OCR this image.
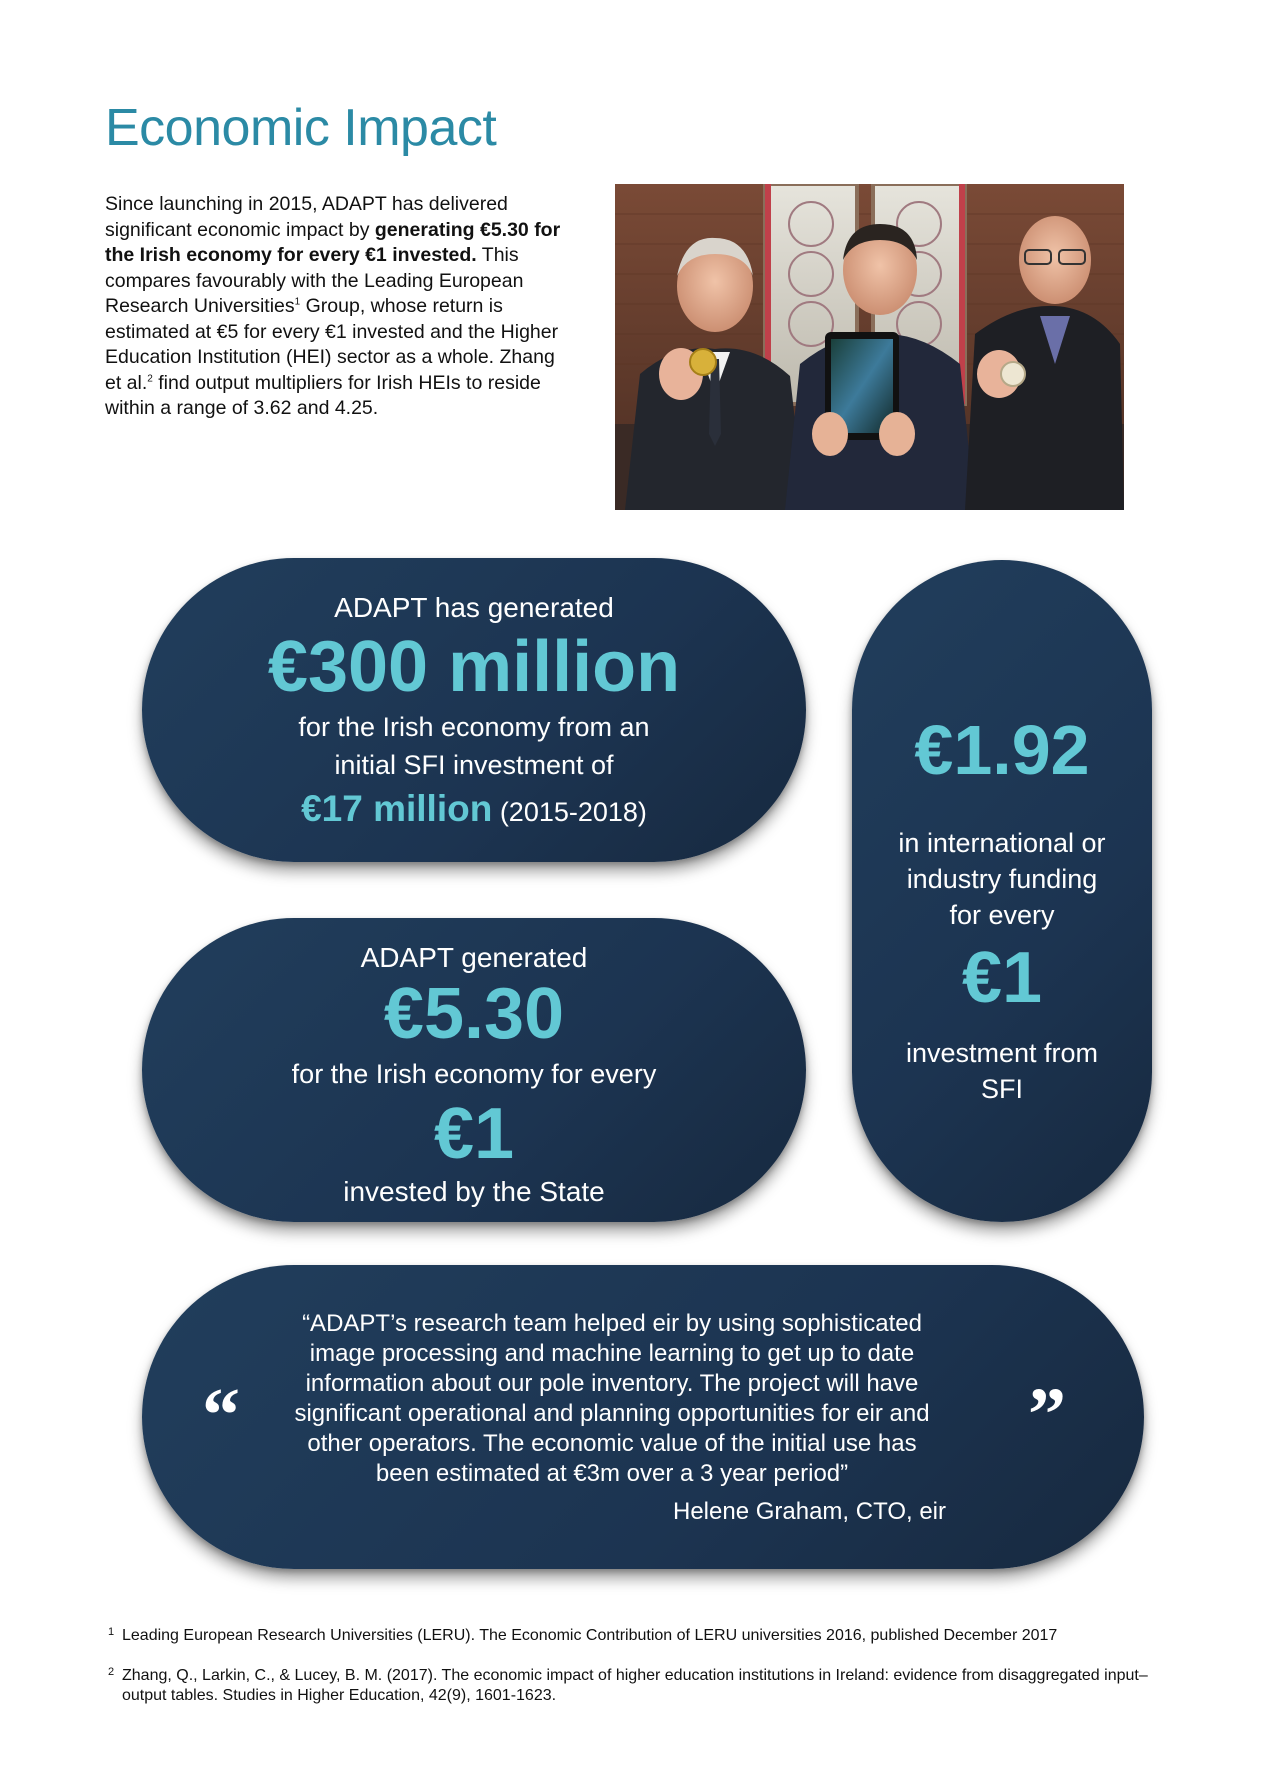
Economic Impact

Since launching in 2015, ADAPT has delivered significant economic impact by generating €5.30 for the Irish economy for every €1 invested. This compares favourably with the Leading European Research Universities$^1$ Group, whose return is estimated at €5 for every €1 invested and the Higher Education Institution (HEI) sector as a whole. Zhang et al.$^2$ find output multipliers for Irish HEIs to reside within a range of 3.62 and 4.25.

ADAPT has generated
€300 million
for the Irish economy from an
initial SFI investment of
€17 million (2015-2018)
ADAPT generated
€5.30
for the Irish economy for every
€1
invested by the State
€1.92
in international or
industry funding
for every
€1
investment from
SFI
“	”
“ADAPT’s research team helped eir by using sophisticated
image processing and machine learning to get up to date
information about our pole inventory. The project will have
significant operational and planning opportunities for eir and
other operators. The economic value of the initial use has
been estimated at €3m over a 3 year period”
Helene Graham, CTO, eir
1 Leading European Research Universities (LERU). The Economic Contribution of LERU universities 2016, published December 2017
2 Zhang, Q., Larkin, C., & Lucey, B. M. (2017). The economic impact of higher education institutions in Ireland: evidence from disaggregated input–output tables. Studies in Higher Education, 42(9), 1601-1623.
